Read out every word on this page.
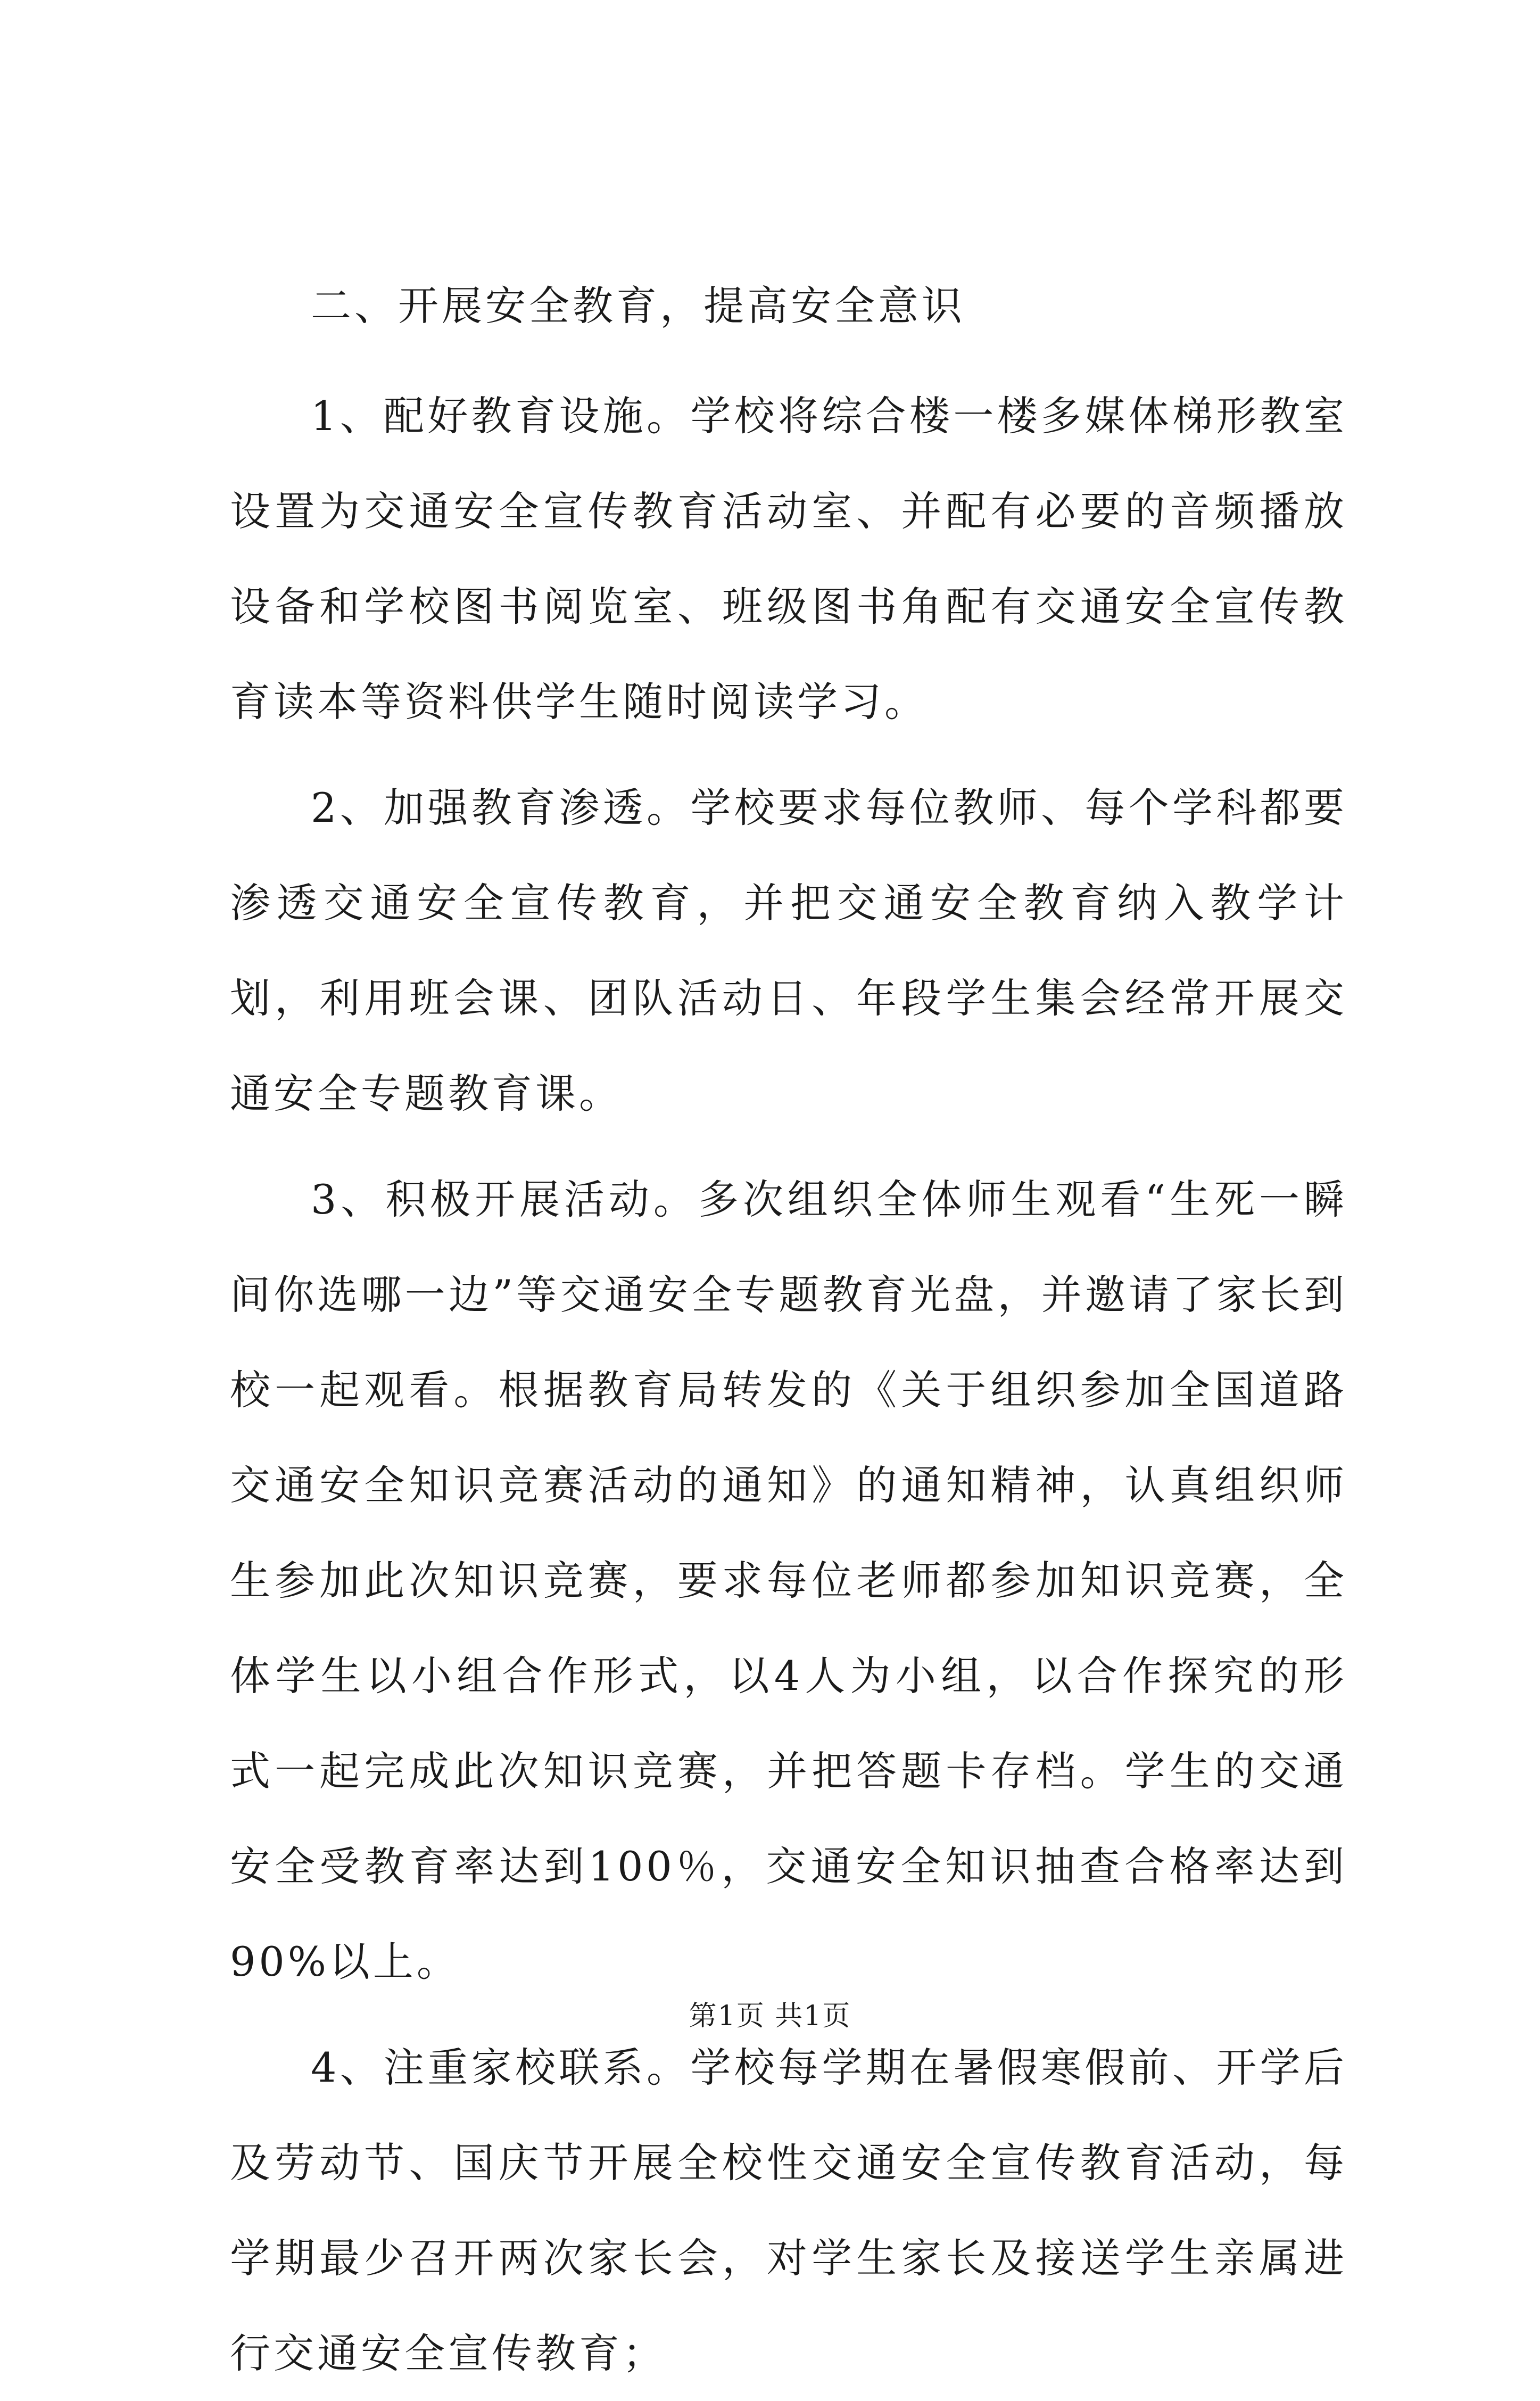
二、开展安全教育，提高安全意识

1、配好教育设施。学校将综合楼一楼多媒体梯形教室设置为交通安全宣传教育活动室、并配有必要的音频播放设备和学校图书阅览室、班级图书角配有交通安全宣传教育读本等资料供学生随时阅读学习。

2、加强教育渗透。学校要求每位教师、每个学科都要渗透交通安全宣传教育，并把交通安全教育纳入教学计划，利用班会课、团队活动日、年段学生集会经常开展交通安全专题教育课。

3、积极开展活动。多次组织全体师生观看“生死一瞬间你选哪一边”等交通安全专题教育光盘，并邀请了家长到校一起观看。根据教育局转发的《关于组织参加全国道路交通安全知识竞赛活动的通知》的通知精神，认真组织师生参加此次知识竞赛，要求每位老师都参加知识竞赛，全体学生以小组合作形式，以4人为小组，以合作探究的形式一起完成此次知识竞赛，并把答题卡存档。学生的交通安全受教育率达到100％，交通安全知识抽查合格率达到90%以上。

4、注重家校联系。学校每学期在暑假寒假前、开学后及劳动节、国庆节开展全校性交通安全宣传教育活动，每学期最少召开两次家长会，对学生家长及接送学生亲属进行交通安全宣传教育；

第1页 共1页
